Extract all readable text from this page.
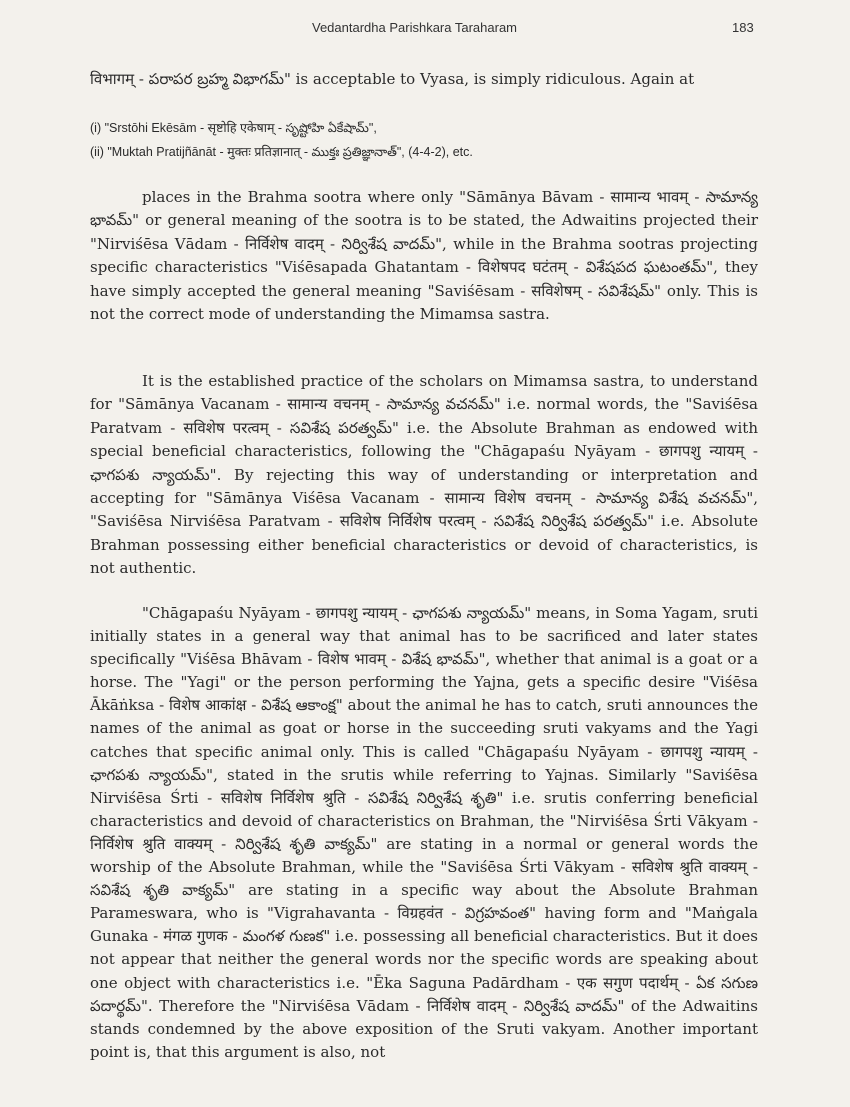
Vedantardha Parishkara Taraharam	183
विभागम् - పరాపర బ్రహ్మ విభాగమ్" is acceptable to Vyasa, is simply ridiculous. Again at
(i) "Srstōhi Ekēsām - सृष्टोहि एकेषाम् - సృష్టోహి ఏకేషామ్",
(ii) "Muktah Pratijñānāt - मुक्तः प्रतिज्ञानात् - ముక్తః ప్రతిజ్ఞానాత్", (4-4-2), etc.
places in the Brahma sootra where only "Sāmānya Bāvam - सामान्य भावम् - సామాన్య భావమ్" or general meaning of the sootra is to be stated, the Adwaitins projected their "Nirviśēsa Vādam - निर्विशेष वादम् - నిర్విశేష వాదమ్", while in the Brahma sootras projecting specific characteristics "Viśēsapada Ghatantam - विशेषपद घटंतम् - విశేషపద ఘటంతమ్", they have simply accepted the general meaning "Saviśēsam - सविशेषम् - సవిశేషమ్" only. This is not the correct mode of understanding the Mimamsa sastra.
It is the established practice of the scholars on Mimamsa sastra, to understand for "Sāmānya Vacanam - सामान्य वचनम् - సామాన్య వచనమ్" i.e. normal words, the "Saviśēsa Paratvam - सविशेष परत्वम् - సవిశేష పరత్వమ్" i.e. the Absolute Brahman as endowed with special beneficial characteristics, following the "Chāgapaśu Nyāyam - छागपशु न्यायम् - ఛాగపశు న్యాయమ్". By rejecting this way of understanding or interpretation and accepting for "Sāmānya Viśēsa Vacanam - सामान्य विशेष वचनम् - సామాన్య విశేష వచనమ్", "Saviśēsa Nirviśēsa Paratvam - सविशेष निर्विशेष परत्वम् - సవిశేష నిర్విశేష పరత్వమ్" i.e. Absolute Brahman possessing either beneficial characteristics or devoid of characteristics, is not authentic.
"Chāgapaśu Nyāyam - छागपशु न्यायम् - ఛాగపశు న్యాయమ్" means, in Soma Yagam, sruti initially states in a general way that animal has to be sacrificed and later states specifically "Viśēsa Bhāvam - विशेष भावम् - విశేష భావమ్", whether that animal is a goat or a horse. The "Yagi" or the person performing the Yajna, gets a specific desire "Viśēsa Ākāṅksa - विशेष आकांक्ष - విశేష ఆకాంక్ష" about the animal he has to catch, sruti announces the names of the animal as goat or horse in the succeeding sruti vakyams and the Yagi catches that specific animal only. This is called "Chāgapaśu Nyāyam - छागपशु न्यायम् - ఛాగపశు న్యాయమ్", stated in the srutis while referring to Yajnas. Similarly "Saviśēsa Nirviśēsa Śrti - सविशेष निर्विशेष श्रुति - సవిశేష నిర్విశేష శృతి" i.e. srutis conferring beneficial characteristics and devoid of characteristics on Brahman, the "Nirviśēsa Śrti Vākyam - निर्विशेष श्रुति वाक्यम् - నిర్విశేష శృతి వాక్యమ్" are stating in a normal or general words the worship of the Absolute Brahman, while the "Saviśēsa Śrti Vākyam - सविशेष श्रुति वाक्यम् - సవిశేష శృతి వాక్యమ్" are stating in a specific way about the Absolute Brahman Parameswara, who is "Vigrahavanta - विग्रहवंत - విగ్రహవంత" having form and "Maṅgala Gunaka - मंगळ गुणक - మంగళ గుణక" i.e. possessing all beneficial characteristics. But it does not appear that neither the general words nor the specific words are speaking about one object with characteristics i.e. "Ēka Saguna Padārdham - एक सगुण पदार्थम् - ఏక సగుణ పదార్థమ్". Therefore the "Nirviśēsa Vādam - निर्विशेष वादम् - నిర్విశేష వాదమ్" of the Adwaitins stands condemned by the above exposition of the Sruti vakyam. Another important point is, that this argument is also, not
